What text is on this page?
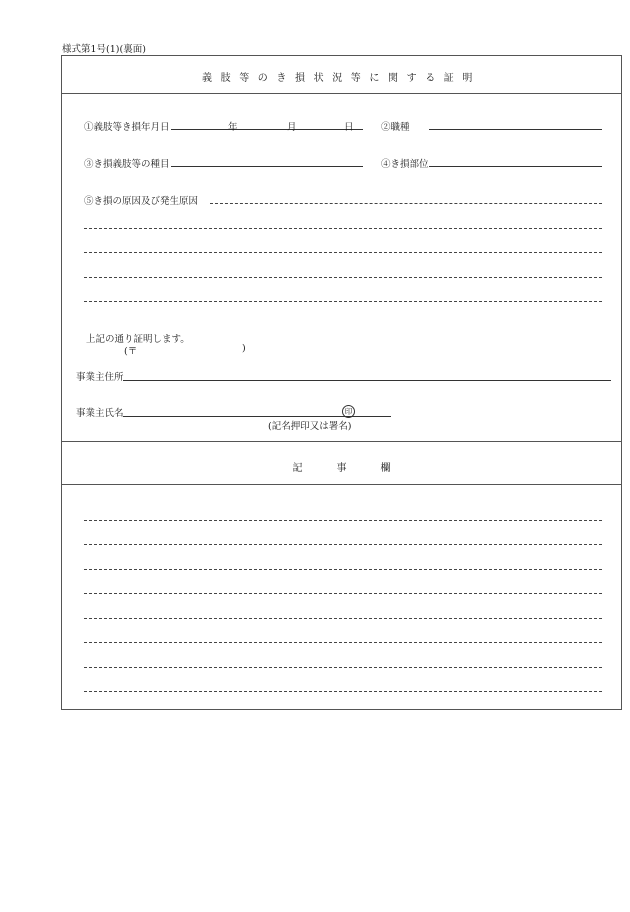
様式第1号(1)(裏面)
義肢等のき損状況等に関する証明
①義肢等き損年月日	年	月	日	②職種
③き損義肢等の種目	④き損部位
⑤き損の原因及び発生原因
上記の通り証明します。
(〒	)
事業主住所
事業主氏名	印
(記名押印又は署名)
記事欄
